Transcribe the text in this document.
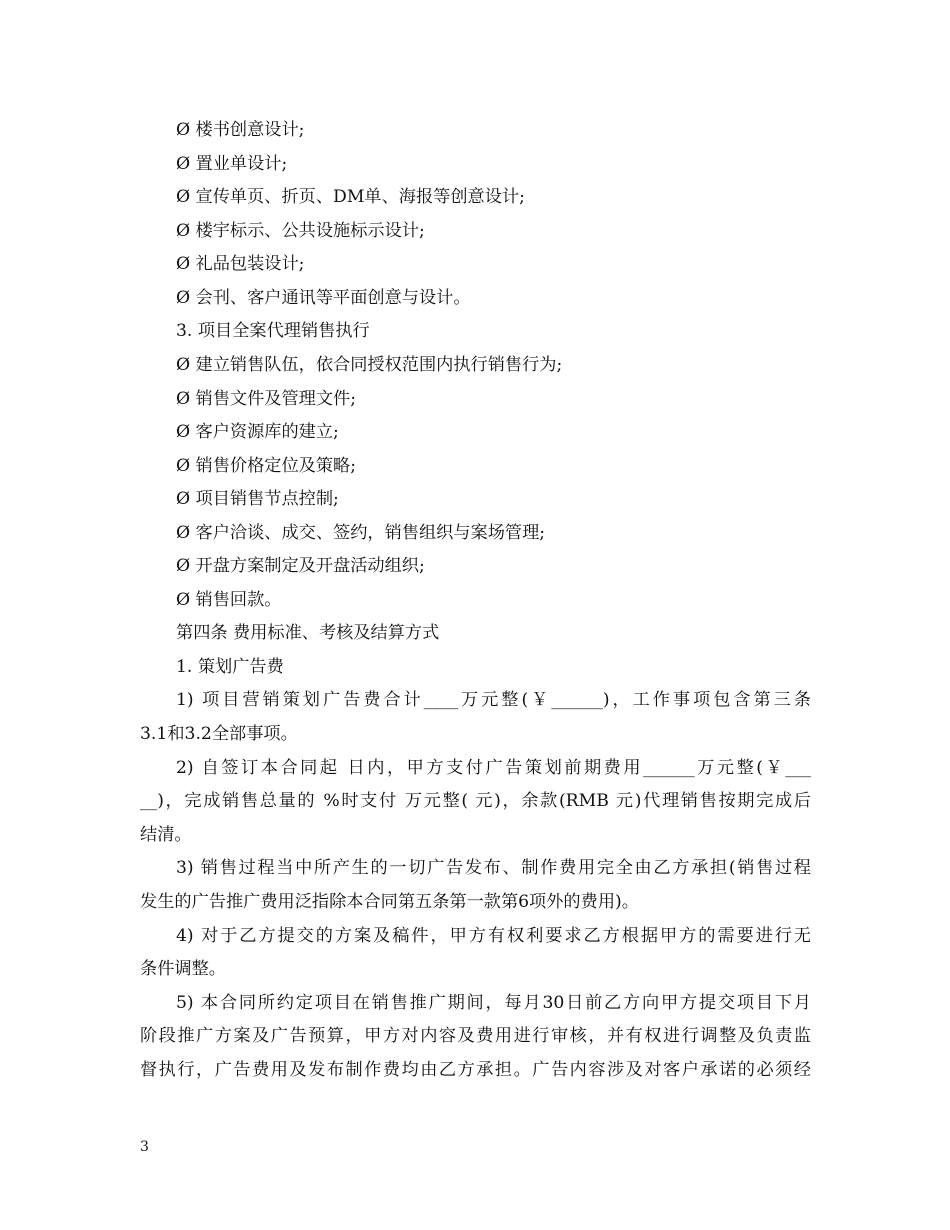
Ø 楼书创意设计;
Ø 置业单设计;
Ø 宣传单页、折页、DM单、海报等创意设计;
Ø 楼宇标示、公共设施标示设计;
Ø 礼品包装设计;
Ø 会刊、客户通讯等平面创意与设计。
3. 项目全案代理销售执行
Ø 建立销售队伍，依合同授权范围内执行销售行为;
Ø 销售文件及管理文件;
Ø 客户资源库的建立;
Ø 销售价格定位及策略;
Ø 项目销售节点控制;
Ø 客户洽谈、成交、签约，销售组织与案场管理;
Ø 开盘方案制定及开盘活动组织;
Ø 销售回款。
第四条 费用标准、考核及结算方式
1. 策划广告费
1) 项目营销策划广告费合计____万元整(￥______)，工作事项包含第三条
3.1和3.2全部事项。
2) 自签订本合同起 日内，甲方支付广告策划前期费用______万元整(￥___
__)，完成销售总量的 %时支付 万元整( 元)，余款(RMB 元)代理销售按期完成后
结清。
3) 销售过程当中所产生的一切广告发布、制作费用完全由乙方承担(销售过程
发生的广告推广费用泛指除本合同第五条第一款第6项外的费用)。
4) 对于乙方提交的方案及稿件，甲方有权利要求乙方根据甲方的需要进行无
条件调整。
5) 本合同所约定项目在销售推广期间，每月30日前乙方向甲方提交项目下月
阶段推广方案及广告预算，甲方对内容及费用进行审核，并有权进行调整及负责监
督执行，广告费用及发布制作费均由乙方承担。广告内容涉及对客户承诺的必须经
3
